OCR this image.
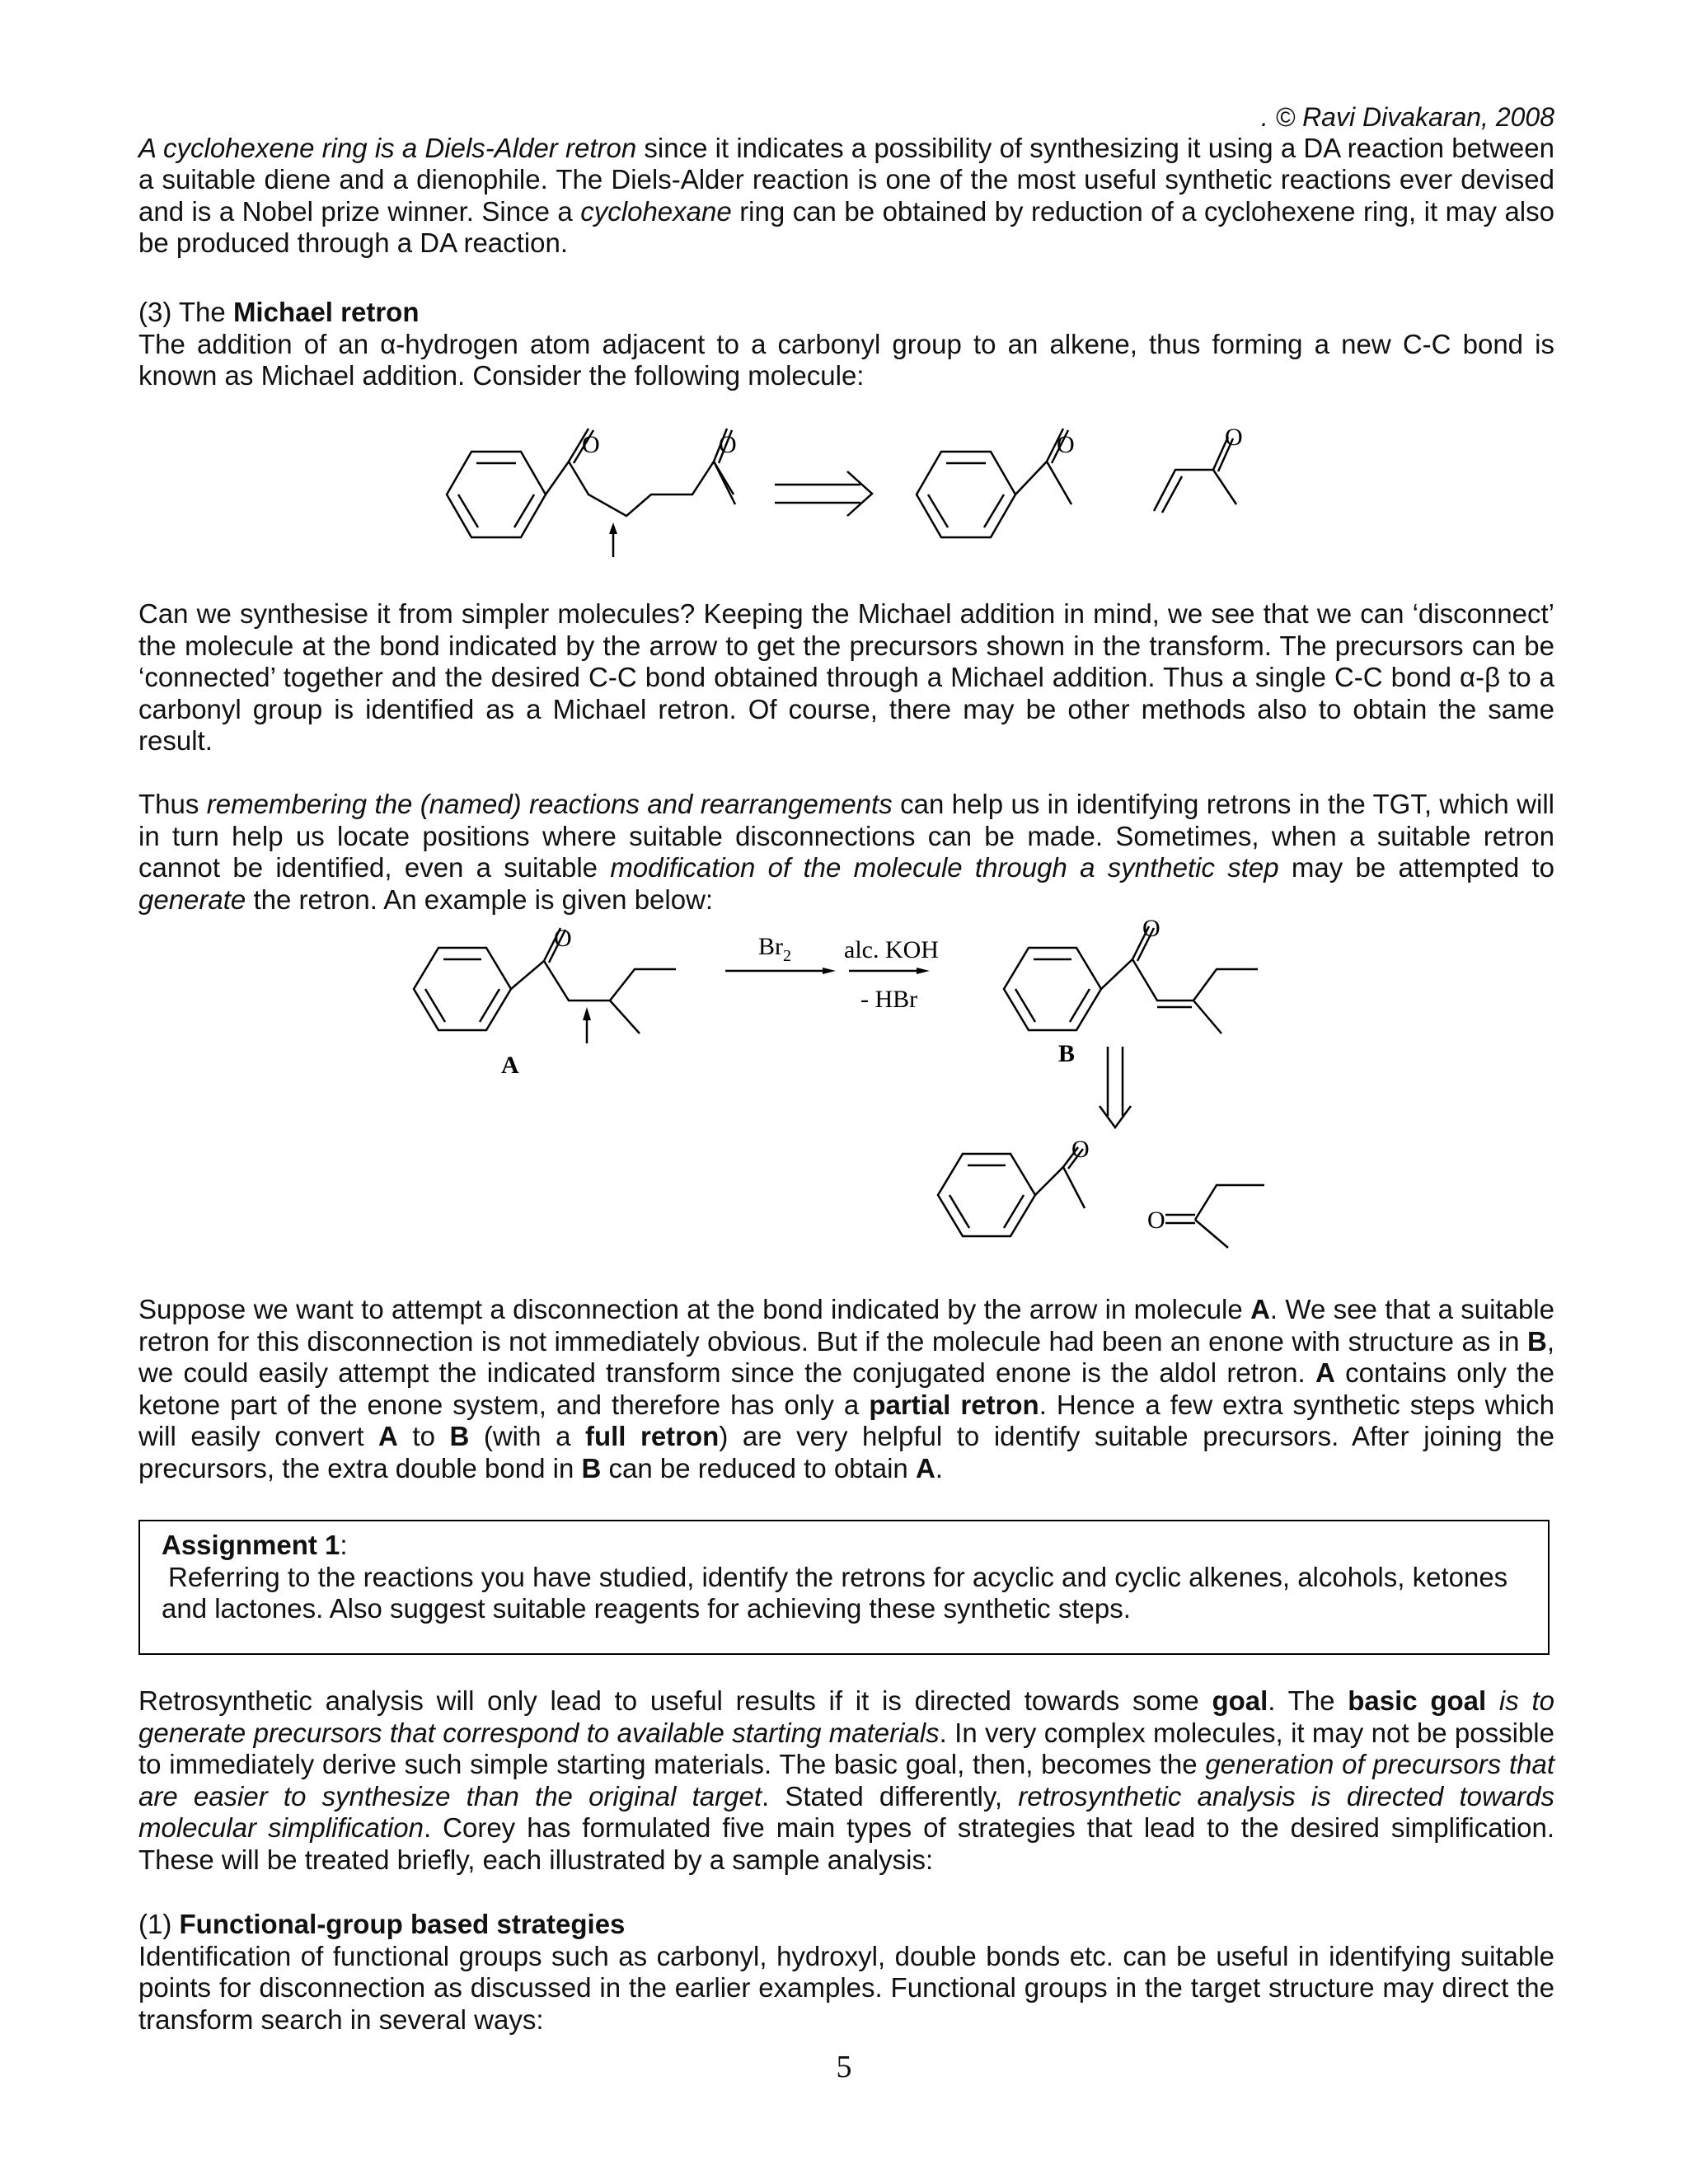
. © Ravi Divakaran, 2008

A cyclohexene ring is a Diels-Alder retron since it indicates a possibility of synthesizing it using a DA reaction between a suitable diene and a dienophile. The Diels-Alder reaction is one of the most useful synthetic reactions ever devised and is a Nobel prize winner. Since a cyclohexane ring can be obtained by reduction of a cyclohexene ring, it may also be produced through a DA reaction.

(3) The Michael retron

The addition of an α-hydrogen atom adjacent to a carbonyl group to an alkene, thus forming a new C-C bond is known as Michael addition. Consider the following molecule:

O	O	O	O

Can we synthesise it from simpler molecules? Keeping the Michael addition in mind, we see that we can ‘disconnect’ the molecule at the bond indicated by the arrow to get the precursors shown in the transform. The precursors can be ‘connected’ together and the desired C-C bond obtained through a Michael addition. Thus a single C-C bond α-β to a carbonyl group is identified as a Michael retron. Of course, there may be other methods also to obtain the same result.

Thus remembering the (named) reactions and rearrangements can help us in identifying retrons in the TGT, which will in turn help us locate positions where suitable disconnections can be made. Sometimes, when a suitable retron cannot be identified, even a suitable modification of the molecule through a synthetic step may be attempted to generate the retron. An example is given below:

O
A
$Br_2$ alc. KOH
- HBr
O
B
O
O

Suppose we want to attempt a disconnection at the bond indicated by the arrow in molecule A. We see that a suitable retron for this disconnection is not immediately obvious. But if the molecule had been an enone with structure as in B, we could easily attempt the indicated transform since the conjugated enone is the aldol retron. A contains only the ketone part of the enone system, and therefore has only a partial retron. Hence a few extra synthetic steps which will easily convert A to B (with a full retron) are very helpful to identify suitable precursors. After joining the precursors, the extra double bond in B can be reduced to obtain A.

Assignment 1:
Referring to the reactions you have studied, identify the retrons for acyclic and cyclic alkenes, alcohols, ketones and lactones. Also suggest suitable reagents for achieving these synthetic steps.

Retrosynthetic analysis will only lead to useful results if it is directed towards some goal. The basic goal is to generate precursors that correspond to available starting materials. In very complex molecules, it may not be possible to immediately derive such simple starting materials. The basic goal, then, becomes the generation of precursors that are easier to synthesize than the original target. Stated differently, retrosynthetic analysis is directed towards molecular simplification. Corey has formulated five main types of strategies that lead to the desired simplification. These will be treated briefly, each illustrated by a sample analysis:

(1) Functional-group based strategies

Identification of functional groups such as carbonyl, hydroxyl, double bonds etc. can be useful in identifying suitable points for disconnection as discussed in the earlier examples. Functional groups in the target structure may direct the transform search in several ways:

5
